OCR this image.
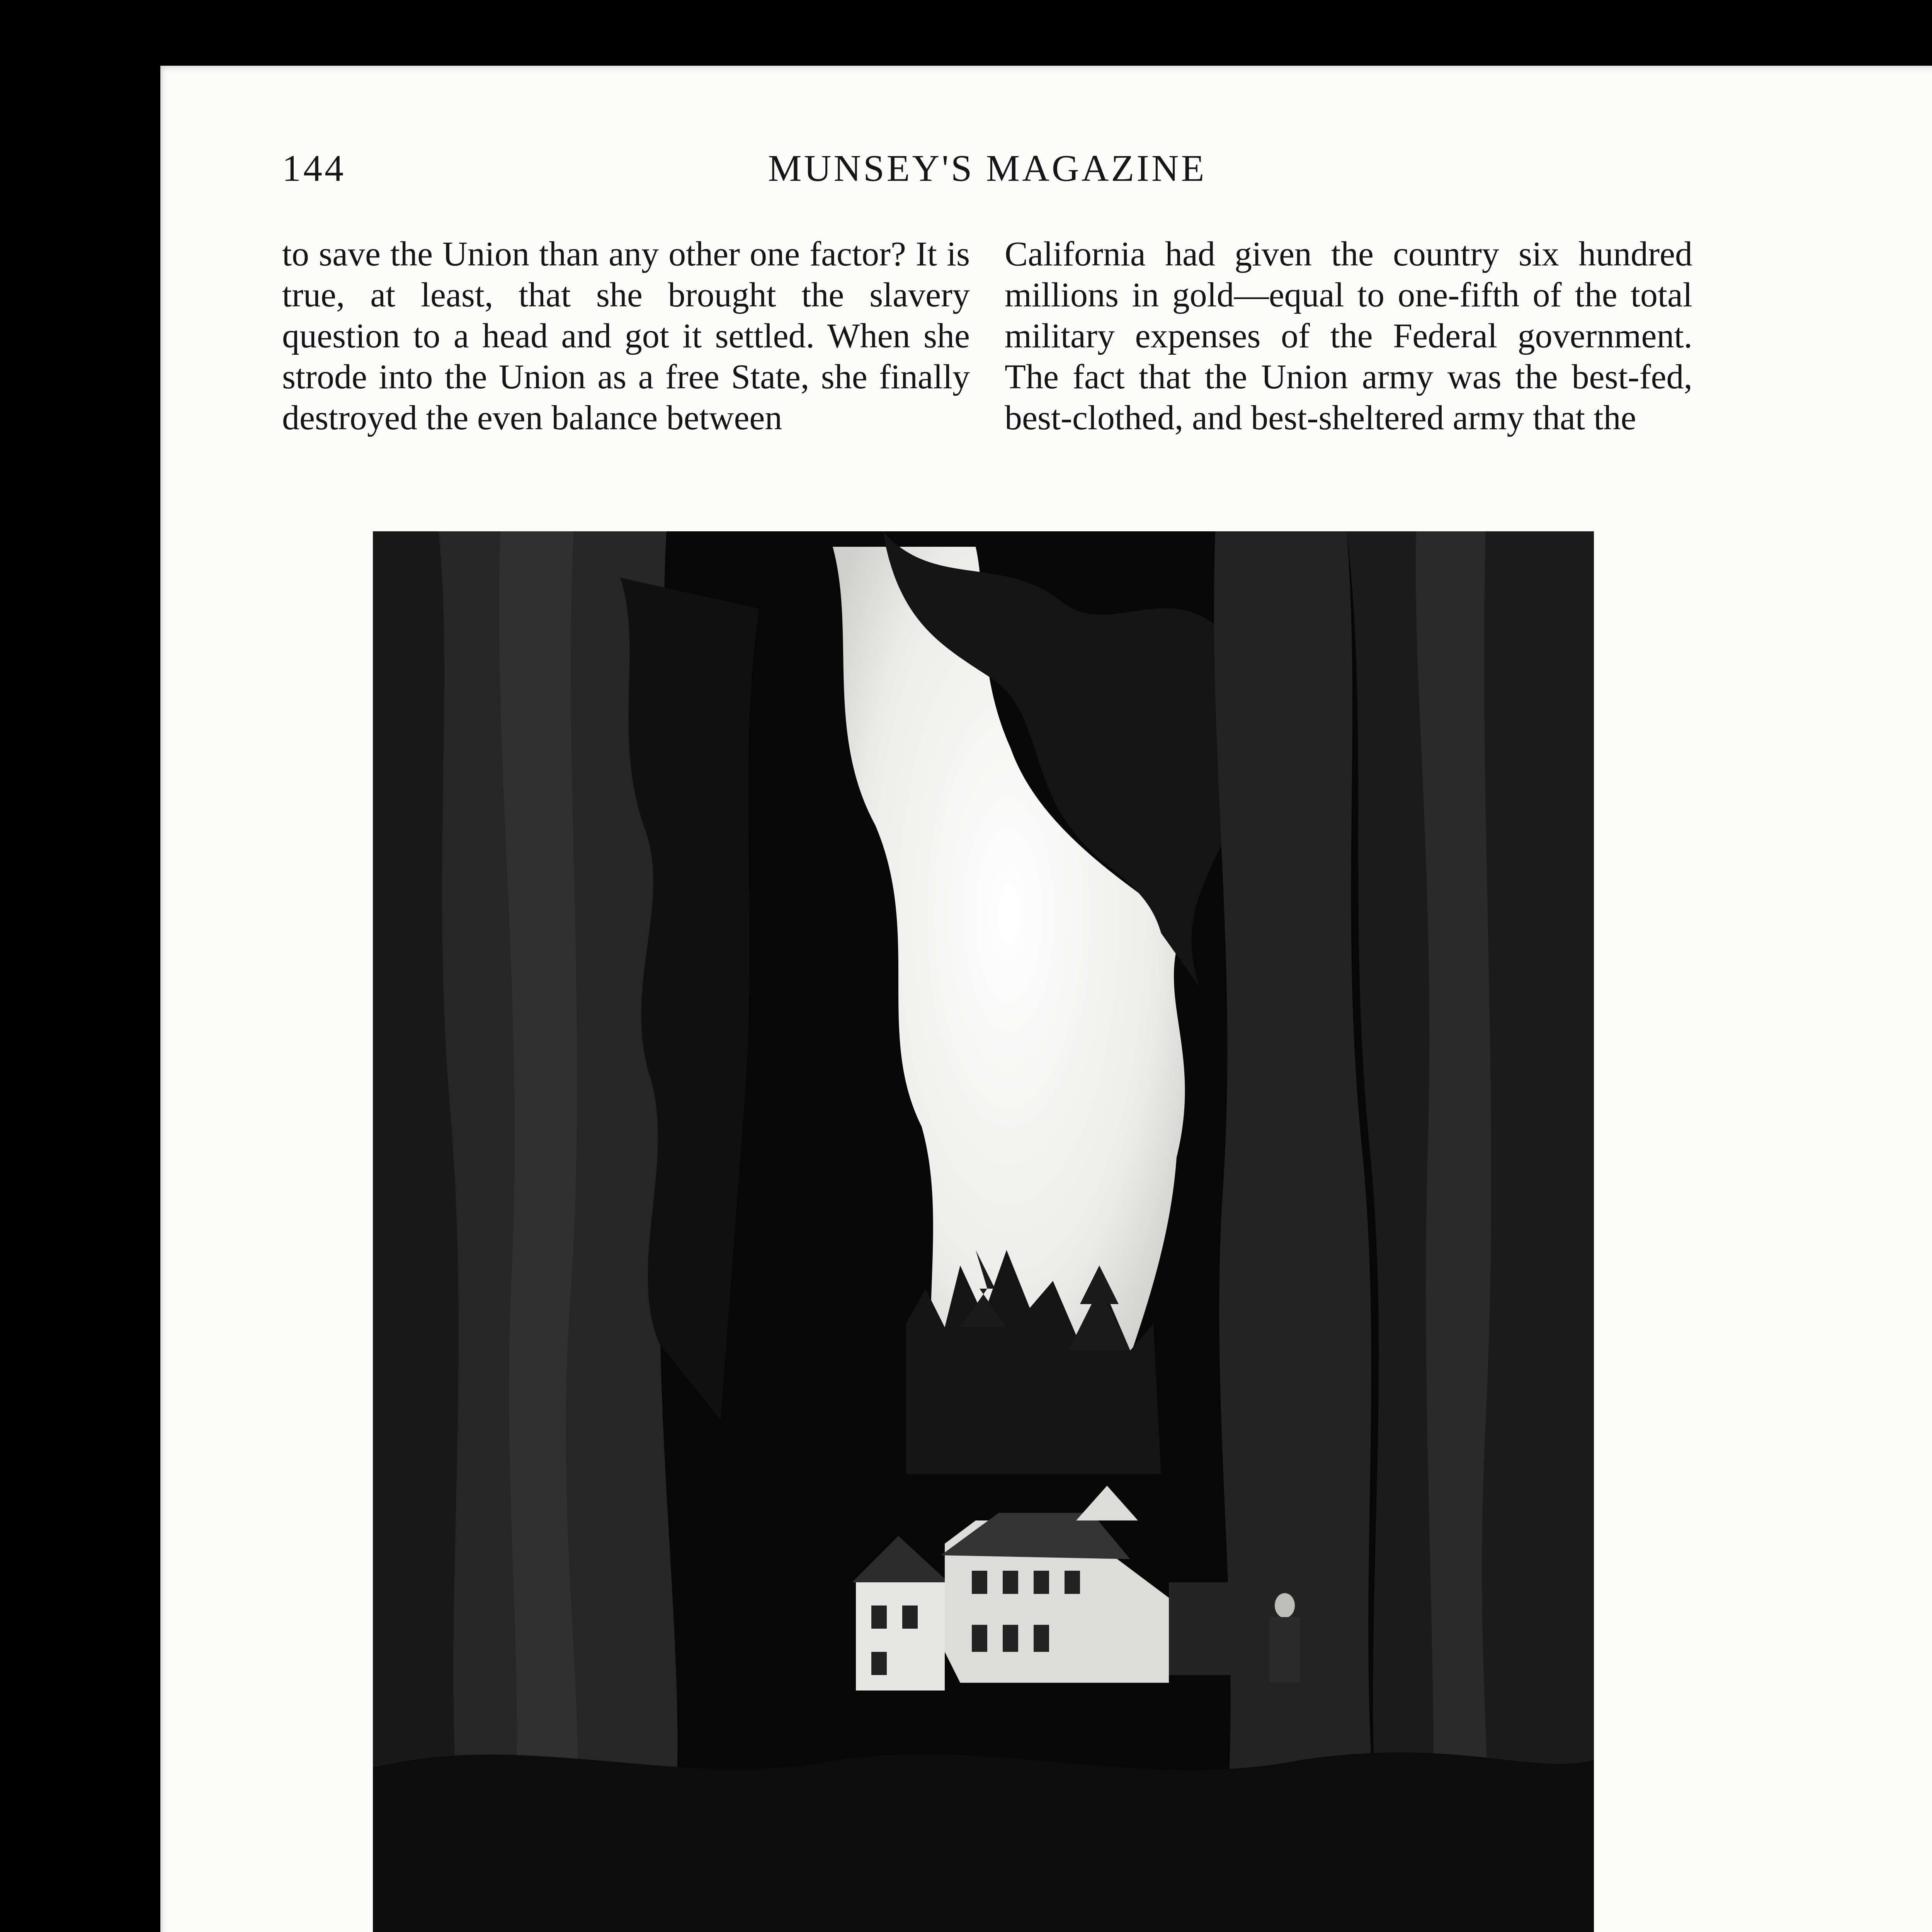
144	MUNSEY'S MAGAZINE

to save the Union than any other one factor? It is true, at least, that she brought the slavery question to a head and got it settled. When she strode into the Union as a free State, she finally destroyed the even balance between

California had given the country six hundred millions in gold—equal to one-fifth of the total military expenses of the Federal government. The fact that the Union army was the best-fed, best-clothed, and best-sheltered army that the
